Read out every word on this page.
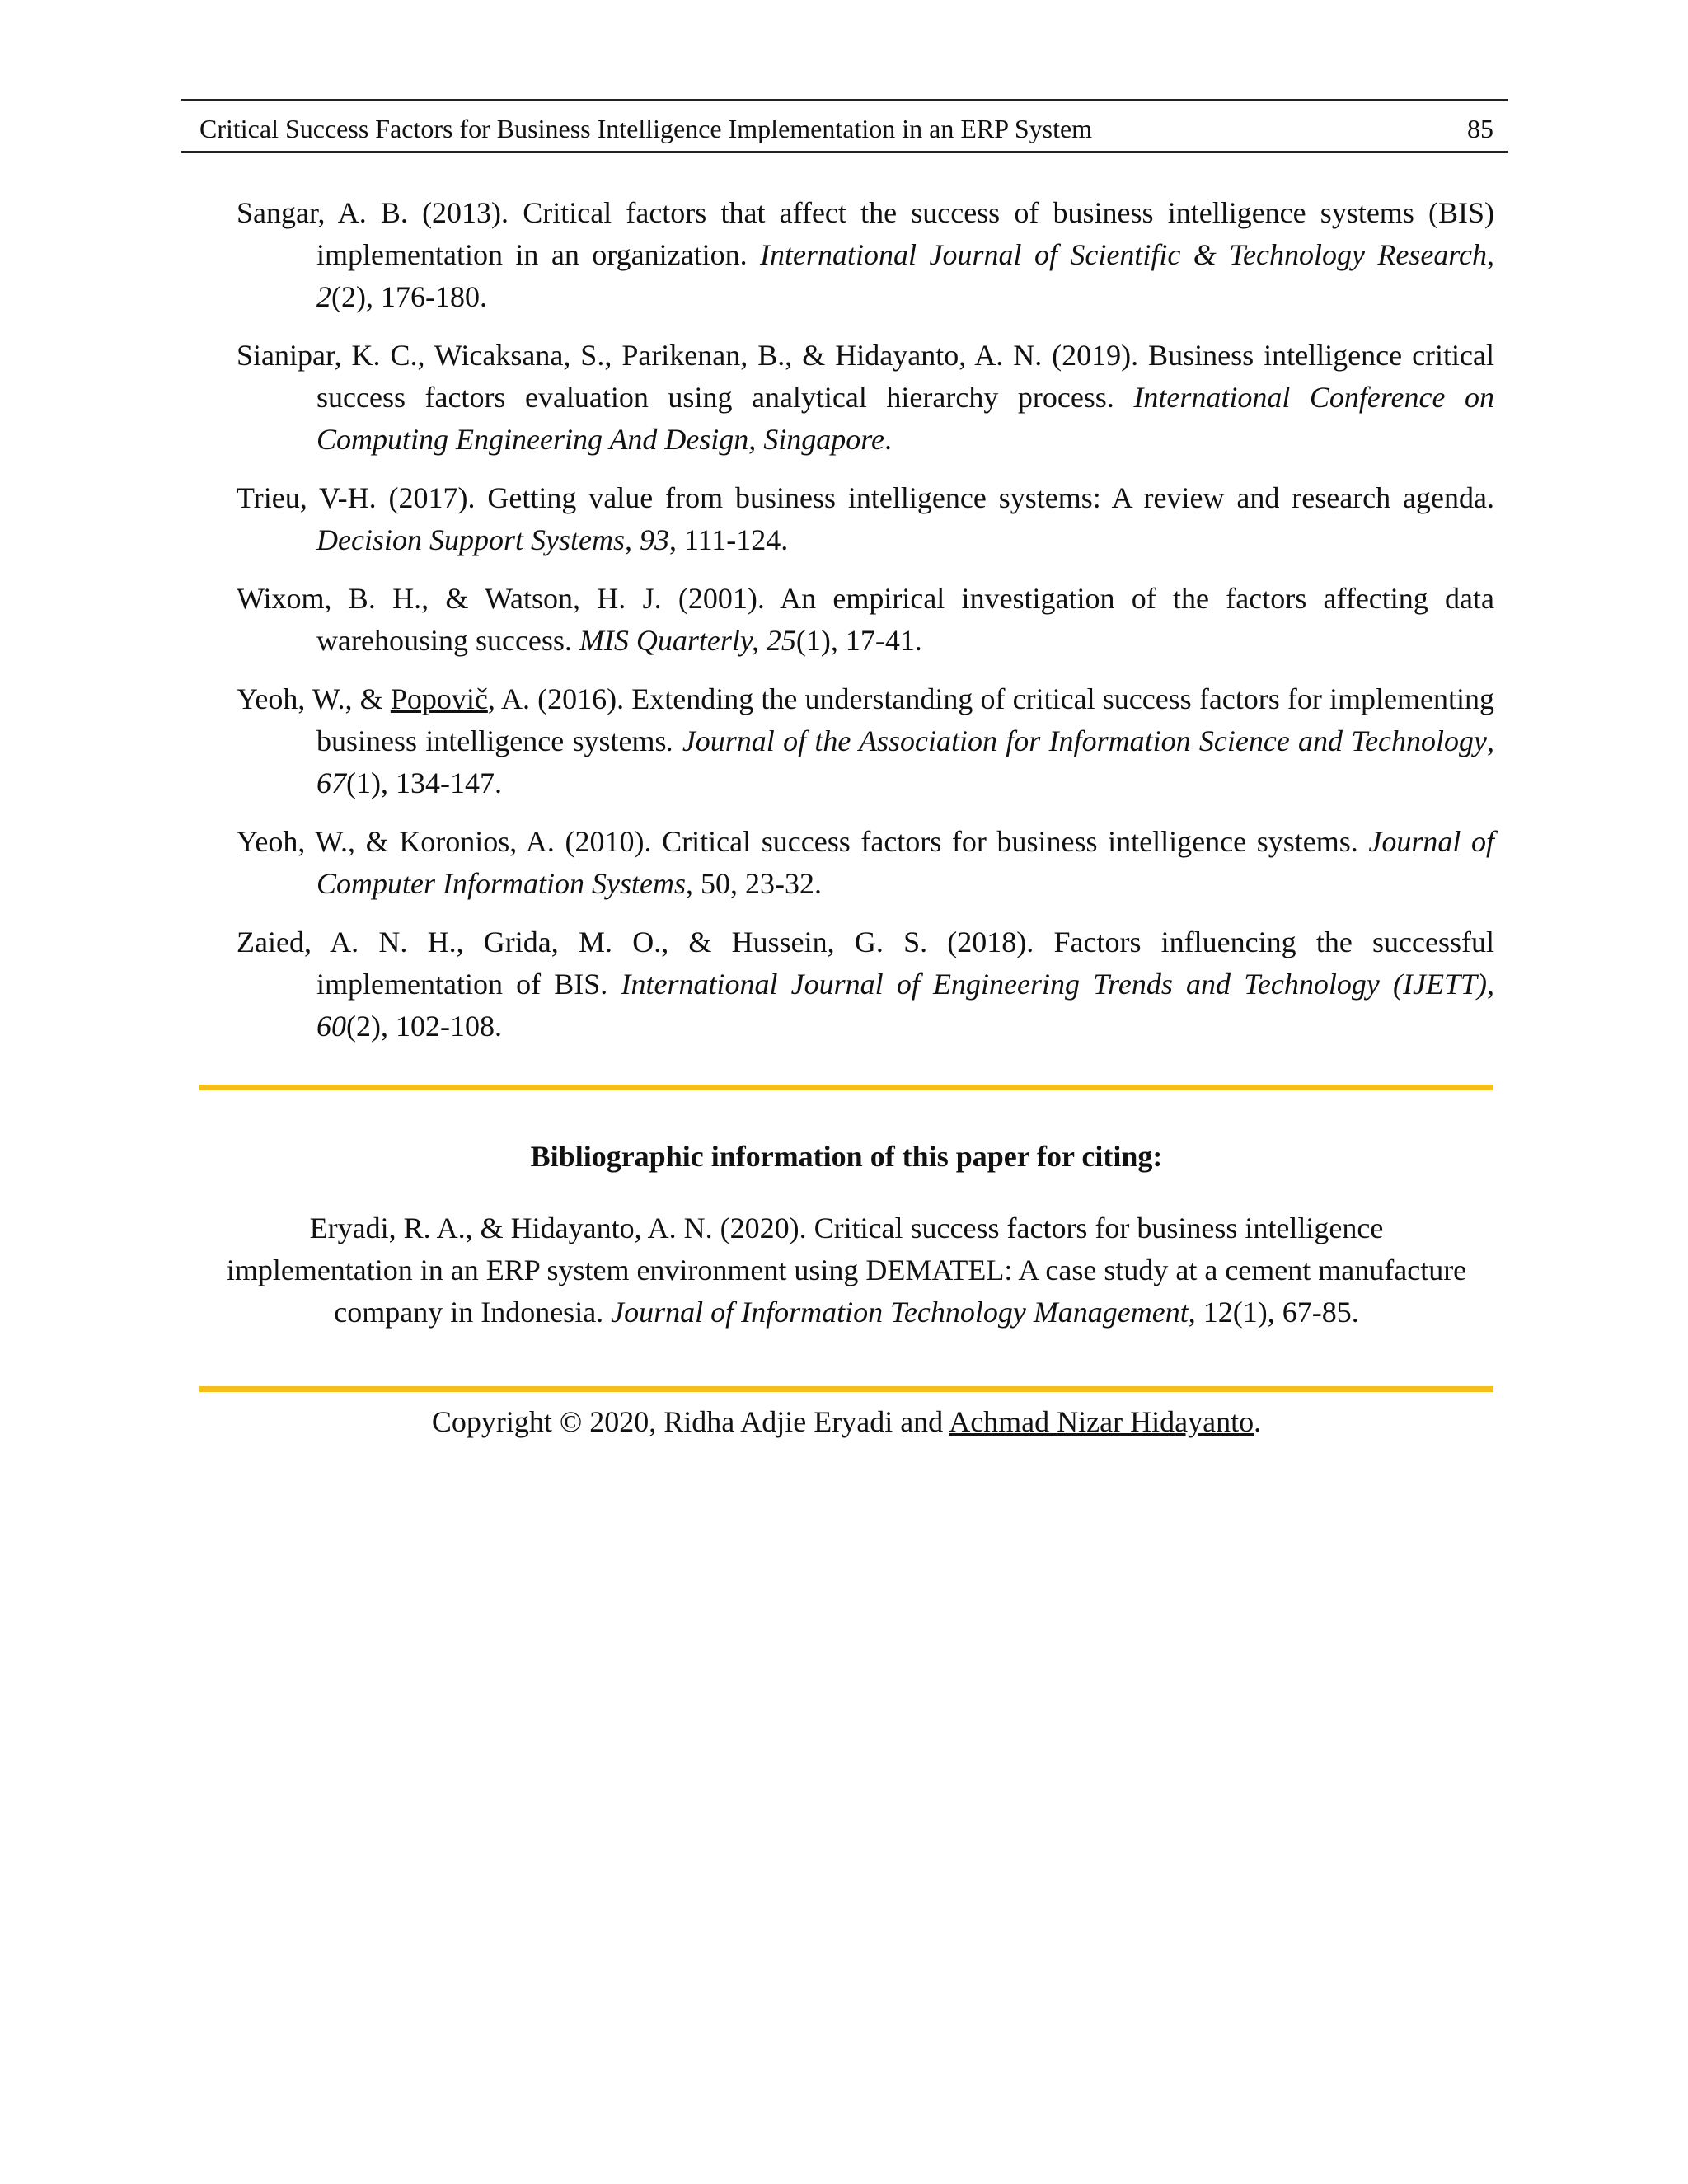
Critical Success Factors for Business Intelligence Implementation in an ERP System	85

Sangar, A. B. (2013). Critical factors that affect the success of business intelligence systems (BIS) implementation in an organization. International Journal of Scientific & Technology Research, 2(2), 176-180.

Sianipar, K. C., Wicaksana, S., Parikenan, B., & Hidayanto, A. N. (2019). Business intelligence critical success factors evaluation using analytical hierarchy process. International Conference on Computing Engineering And Design, Singapore.

Trieu, V-H. (2017). Getting value from business intelligence systems: A review and research agenda. Decision Support Systems, 93, 111-124.

Wixom, B. H., & Watson, H. J. (2001). An empirical investigation of the factors affecting data warehousing success. MIS Quarterly, 25(1), 17-41.

Yeoh, W., & Popovič, A. (2016). Extending the understanding of critical success factors for implementing business intelligence systems. Journal of the Association for Information Science and Technology, 67(1), 134-147.

Yeoh, W., & Koronios, A. (2010). Critical success factors for business intelligence systems. Journal of Computer Information Systems, 50, 23-32.

Zaied, A. N. H., Grida, M. O., & Hussein, G. S. (2018). Factors influencing the successful implementation of BIS. International Journal of Engineering Trends and Technology (IJETT), 60(2), 102-108.

Bibliographic information of this paper for citing:
Eryadi, R. A., & Hidayanto, A. N. (2020). Critical success factors for business intelligence
implementation in an ERP system environment using DEMATEL: A case study at a cement manufacture
company in Indonesia. Journal of Information Technology Management, 12(1), 67-85.
Copyright © 2020, Ridha Adjie Eryadi and Achmad Nizar Hidayanto.
